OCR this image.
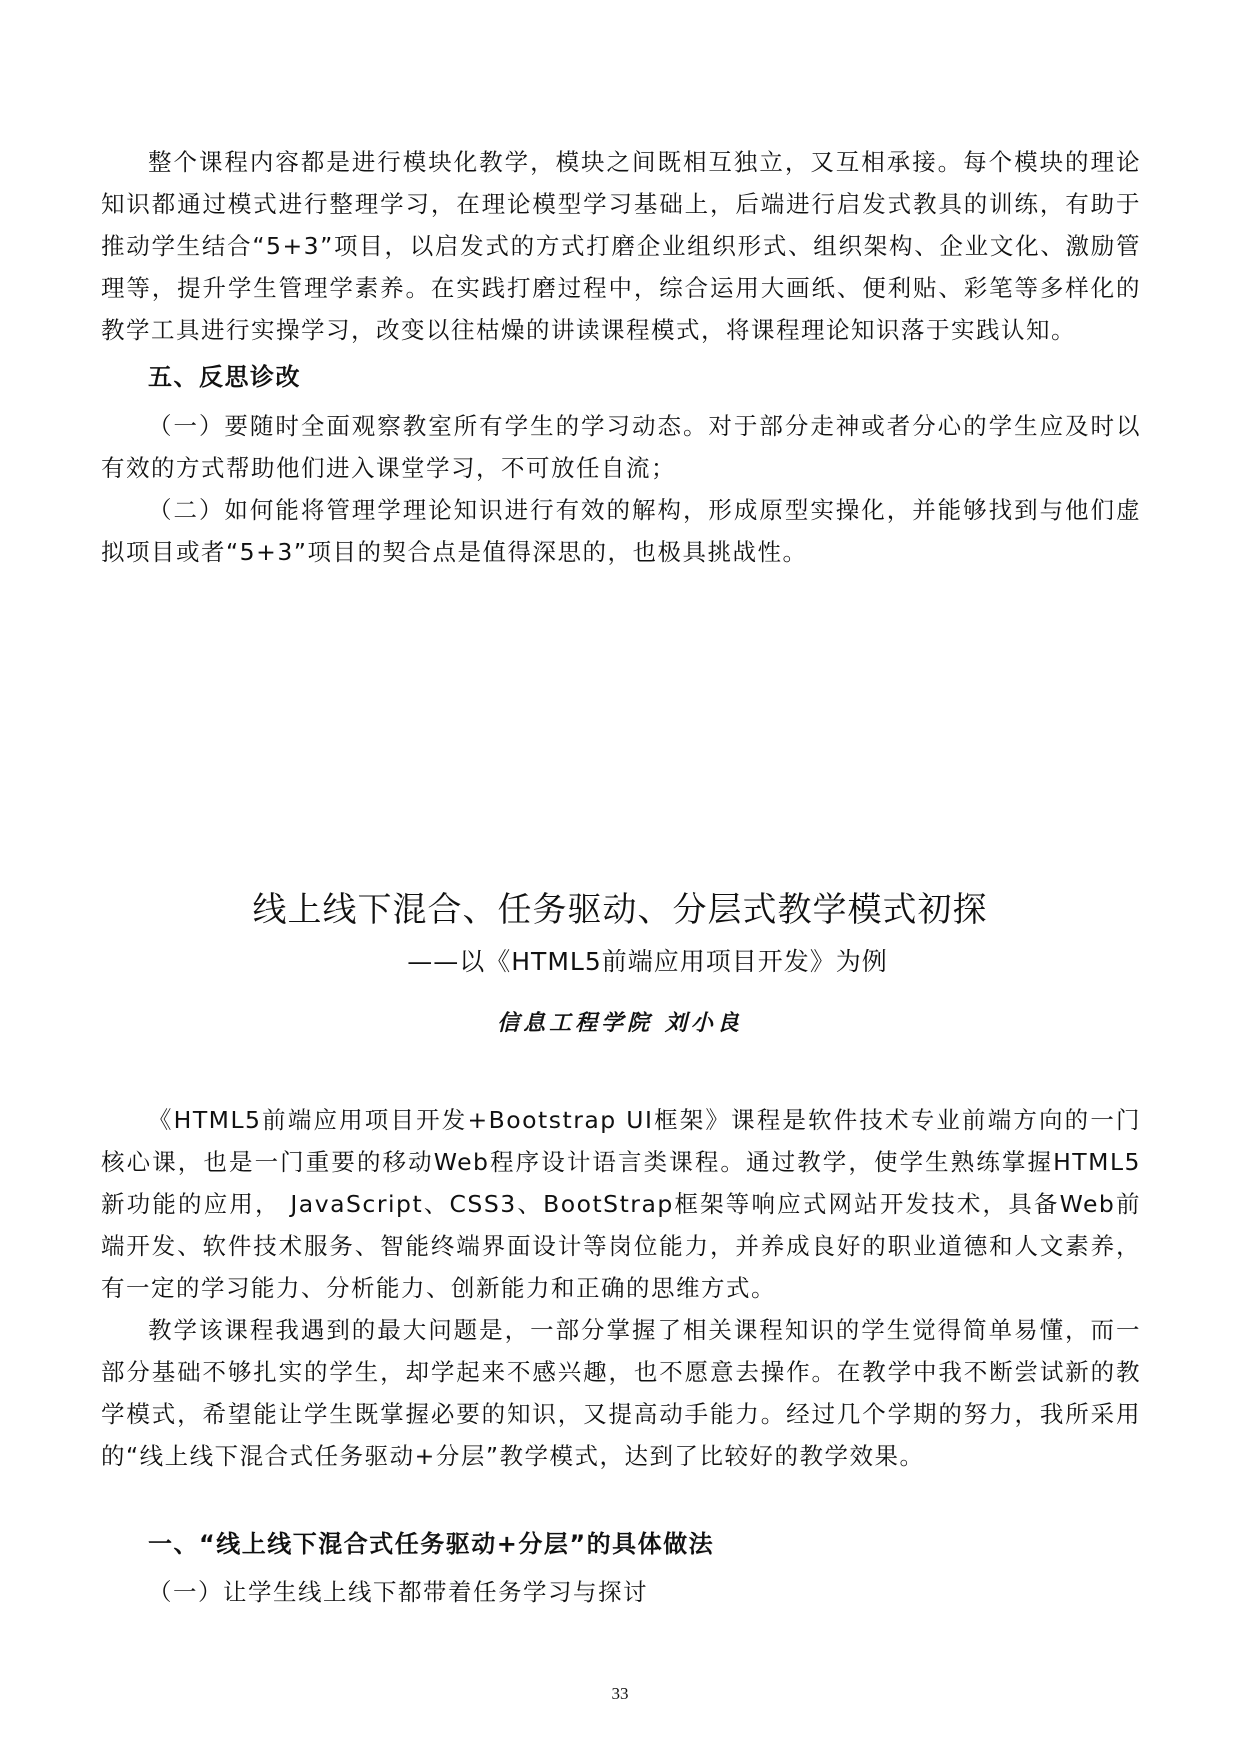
整个课程内容都是进行模块化教学，模块之间既相互独立，又互相承接。每个模块的理论知识都通过模式进行整理学习，在理论模型学习基础上，后端进行启发式教具的训练，有助于推动学生结合“5+3”项目，以启发式的方式打磨企业组织形式、组织架构、企业文化、激励管理等，提升学生管理学素养。在实践打磨过程中，综合运用大画纸、便利贴、彩笔等多样化的教学工具进行实操学习，改变以往枯燥的讲读课程模式，将课程理论知识落于实践认知。

五、反思诊改

（一）要随时全面观察教室所有学生的学习动态。对于部分走神或者分心的学生应及时以有效的方式帮助他们进入课堂学习，不可放任自流；

（二）如何能将管理学理论知识进行有效的解构，形成原型实操化，并能够找到与他们虚拟项目或者“5+3”项目的契合点是值得深思的，也极具挑战性。

线上线下混合、任务驱动、分层式教学模式初探

——以《HTML5前端应用项目开发》为例

信息工程学院 刘小良

《HTML5前端应用项目开发+Bootstrap UI框架》课程是软件技术专业前端方向的一门核心课，也是一门重要的移动Web程序设计语言类课程。通过教学，使学生熟练掌握HTML5新功能的应用， JavaScript、CSS3、BootStrap框架等响应式网站开发技术，具备Web前端开发、软件技术服务、智能终端界面设计等岗位能力，并养成良好的职业道德和人文素养，有一定的学习能力、分析能力、创新能力和正确的思维方式。

教学该课程我遇到的最大问题是，一部分掌握了相关课程知识的学生觉得简单易懂，而一部分基础不够扎实的学生，却学起来不感兴趣，也不愿意去操作。在教学中我不断尝试新的教学模式，希望能让学生既掌握必要的知识，又提高动手能力。经过几个学期的努力，我所采用的“线上线下混合式任务驱动+分层”教学模式，达到了比较好的教学效果。

一、“线上线下混合式任务驱动+分层”的具体做法

（一）让学生线上线下都带着任务学习与探讨

33
